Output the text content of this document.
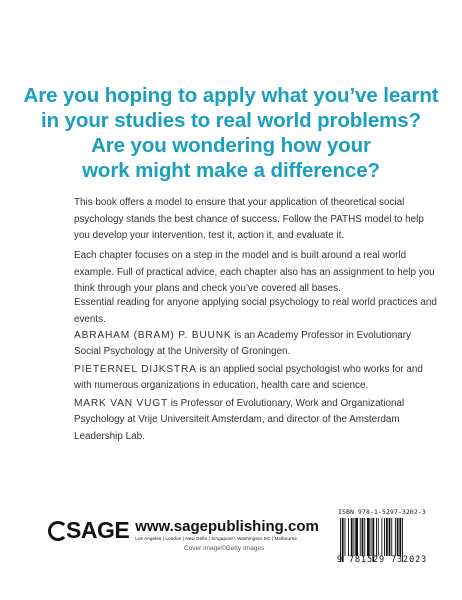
Are you hoping to apply what you’ve learnt
in your studies to real world problems?
Are you wondering how your
work might make a difference?
This book offers a model to ensure that your application of theoretical social psychology stands the best chance of success. Follow the PATHS model to help you develop your intervention, test it, action it, and evaluate it.
Each chapter focuses on a step in the model and is built around a real world example. Full of practical advice, each chapter also has an assignment to help you think through your plans and check you’ve covered all bases.
Essential reading for anyone applying social psychology to real world practices and events.
ABRAHAM (BRAM) P. BUUNK is an Academy Professor in Evolutionary Social Psychology at the University of Groningen.
PIETERNEL DIJKSTRA is an applied social psychologist who works for and with numerous organizations in education, health care and science.
MARK VAN VUGT is Professor of Evolutionary, Work and Organizational Psychology at Vrije Universiteit Amsterdam, and director of the Amsterdam Leadership Lab.
SAGE www.sagepublishing.com
Los Angeles | London | New Delhi | Singapore | Washington DC | Melbourne
Cover image©Getty Images
ISBN 978-1-5297-3202-3
9 781529 732023
